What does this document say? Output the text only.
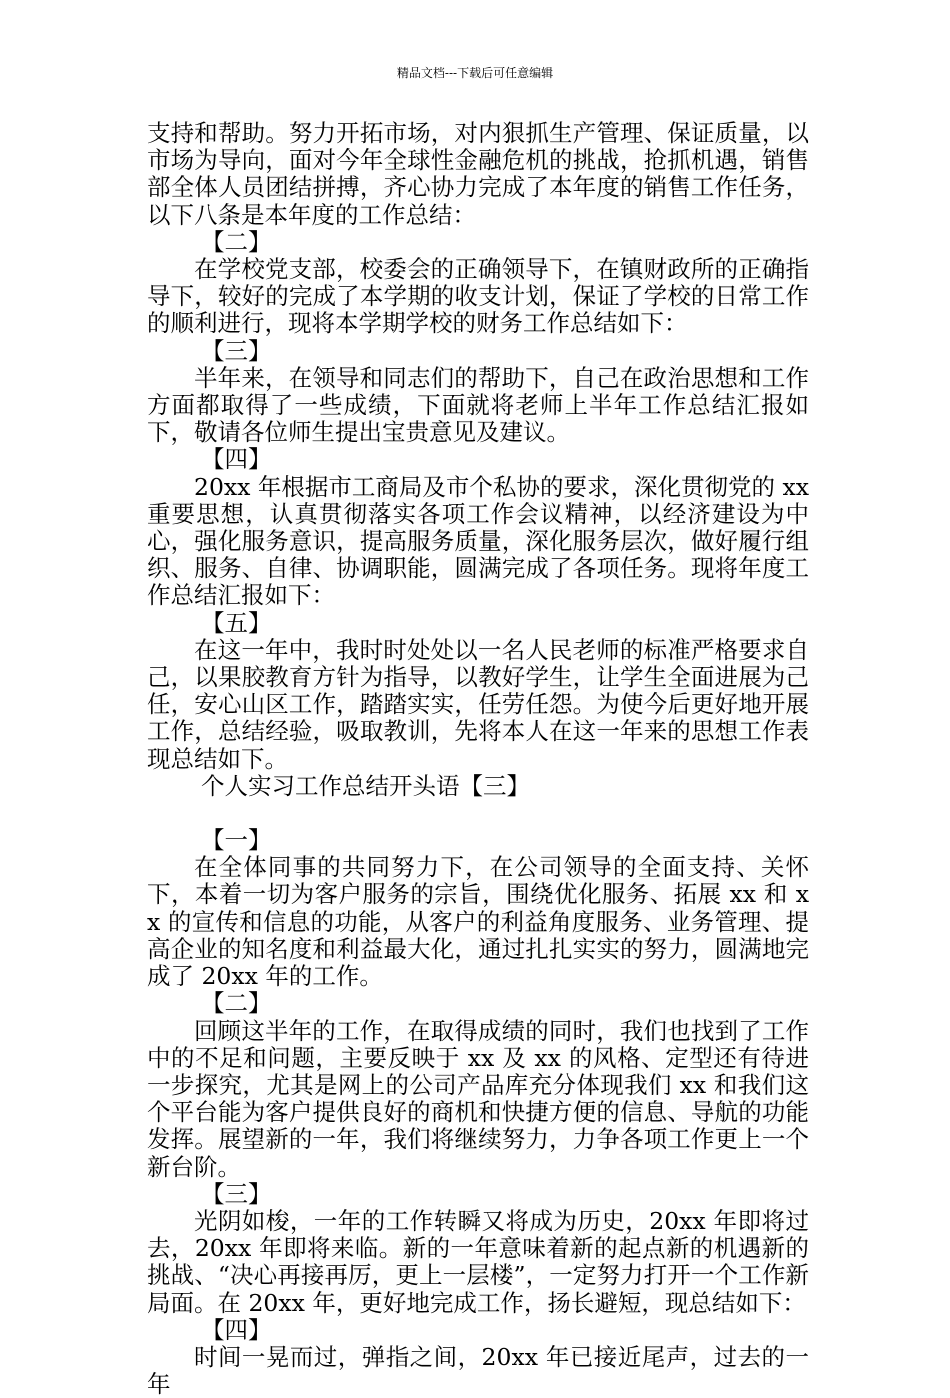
精品文档---下载后可任意编辑

支持和帮助。努力开拓市场，对内狠抓生产管理、保证质量，以市场为导向，面对今年全球性金融危机的挑战，抢抓机遇，销售部全体人员团结拼搏，齐心协力完成了本年度的销售工作任务，以下八条是本年度的工作总结：

【二】

在学校党支部，校委会的正确领导下，在镇财政所的正确指导下，较好的完成了本学期的收支计划，保证了学校的日常工作的顺利进行，现将本学期学校的财务工作总结如下：

【三】

半年来，在领导和同志们的帮助下，自己在政治思想和工作方面都取得了一些成绩，下面就将老师上半年工作总结汇报如下，敬请各位师生提出宝贵意见及建议。

【四】

20xx 年根据市工商局及市个私协的要求，深化贯彻党的 xx 重要思想，认真贯彻落实各项工作会议精神，以经济建设为中心，强化服务意识，提高服务质量，深化服务层次，做好履行组织、服务、自律、协调职能，圆满完成了各项任务。现将年度工作总结汇报如下：

【五】

在这一年中，我时时处处以一名人民老师的标准严格要求自己，以果胶教育方针为指导，以教好学生，让学生全面进展为己任，安心山区工作，踏踏实实，任劳任怨。为使今后更好地开展工作，总结经验，吸取教训，先将本人在这一年来的思想工作表现总结如下。

个人实习工作总结开头语【三】

【一】

在全体同事的共同努力下，在公司领导的全面支持、关怀下，本着一切为客户服务的宗旨，围绕优化服务、拓展 xx 和 xx 的宣传和信息的功能，从客户的利益角度服务、业务管理、提高企业的知名度和利益最大化，通过扎扎实实的努力，圆满地完成了 20xx 年的工作。

【二】

回顾这半年的工作，在取得成绩的同时，我们也找到了工作中的不足和问题，主要反映于 xx 及 xx 的风格、定型还有待进一步探究，尤其是网上的公司产品库充分体现我们 xx 和我们这个平台能为客户提供良好的商机和快捷方便的信息、导航的功能发挥。展望新的一年，我们将继续努力，力争各项工作更上一个新台阶。

【三】

光阴如梭，一年的工作转瞬又将成为历史，20xx 年即将过去，20xx 年即将来临。新的一年意味着新的起点新的机遇新的挑战、“决心再接再厉，更上一层楼”，一定努力打开一个工作新局面。在 20xx 年，更好地完成工作，扬长避短，现总结如下：

【四】

时间一晃而过，弹指之间，20xx 年已接近尾声，过去的一年
